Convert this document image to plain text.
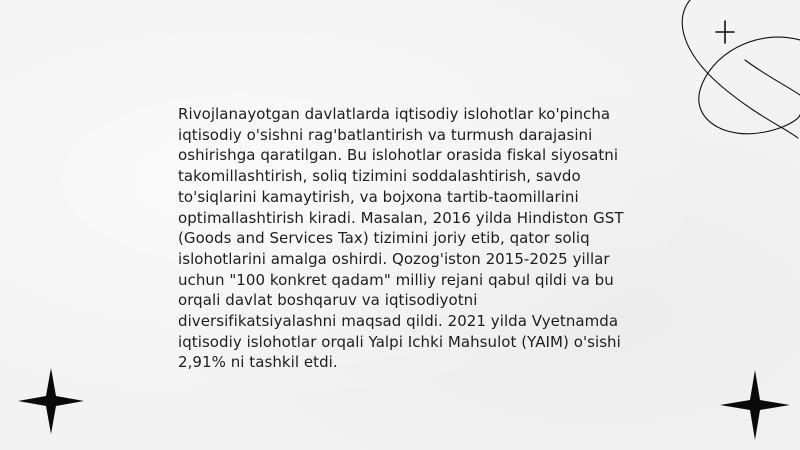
Rivojlanayotgan davlatlarda iqtisodiy islohotlar ko'pincha iqtisodiy o'sishni rag'batlantirish va turmush darajasini oshirishga qaratilgan. Bu islohotlar orasida fiskal siyosatni takomillashtirish, soliq tizimini soddalashtirish, savdo to'siqlarini kamaytirish, va bojxona tartib-taomillarini optimallashtirish kiradi. Masalan, 2016 yilda Hindiston GST (Goods and Services Tax) tizimini joriy etib, qator soliq islohotlarini amalga oshirdi. Qozog'iston 2015-2025 yillar uchun "100 konkret qadam" milliy rejani qabul qildi va bu orqali davlat boshqaruv va iqtisodiyotni diversifikatsiyalashni maqsad qildi. 2021 yilda Vyetnamda iqtisodiy islohotlar orqali Yalpi Ichki Mahsulot (YAIM) o'sishi 2,91% ni tashkil etdi.
